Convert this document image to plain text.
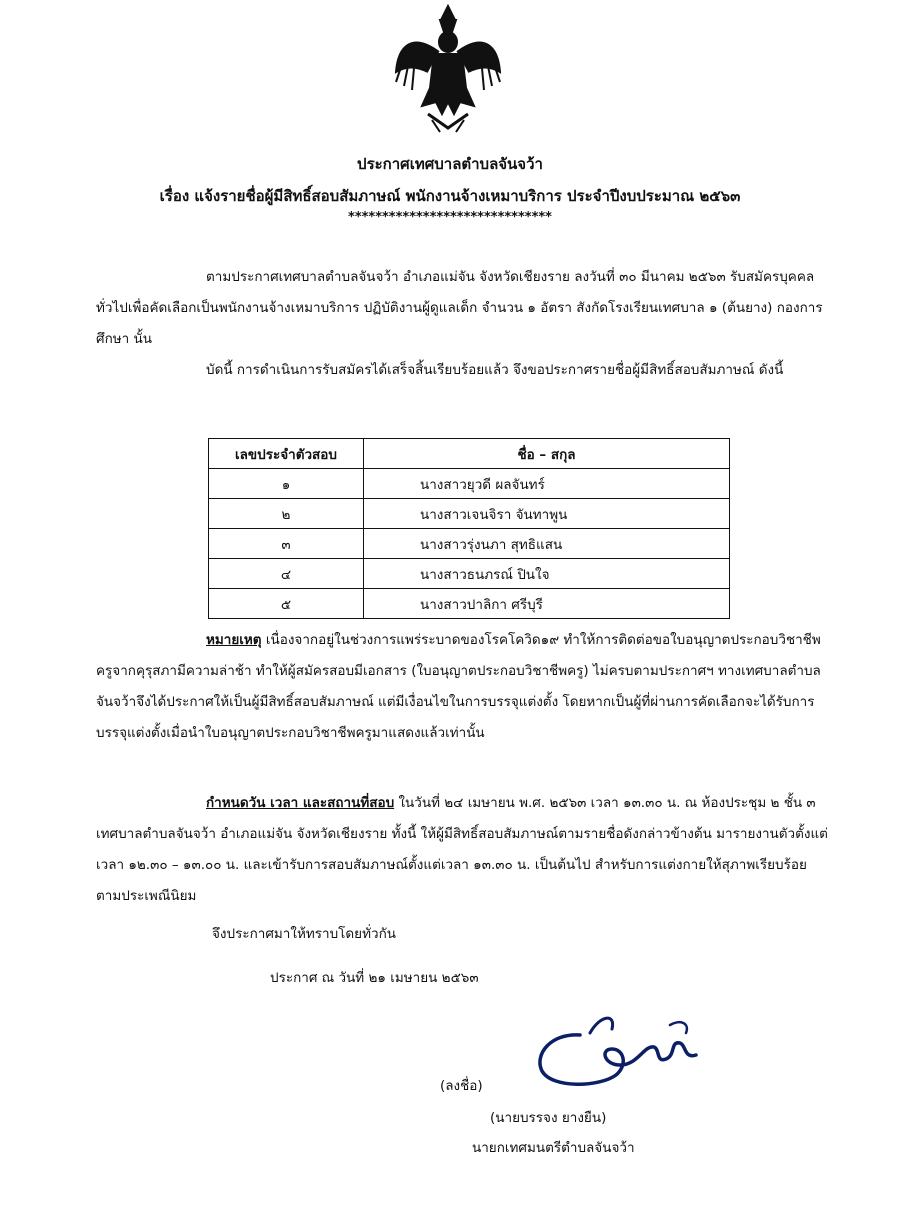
ประกาศเทศบาลตำบลจันจว้า
เรื่อง แจ้งรายชื่อผู้มีสิทธิ์สอบสัมภาษณ์ พนักงานจ้างเหมาบริการ ประจำปีงบประมาณ ๒๕๖๓
******************************

ตามประกาศเทศบาลตำบลจันจว้า อำเภอแม่จัน จังหวัดเชียงราย ลงวันที่ ๓๐ มีนาคม ๒๕๖๓ รับสมัครบุคคลทั่วไปเพื่อคัดเลือกเป็นพนักงานจ้างเหมาบริการ ปฏิบัติงานผู้ดูแลเด็ก จำนวน ๑ อัตรา สังกัดโรงเรียนเทศบาล ๑ (ต้นยาง) กองการศึกษา นั้น

บัดนี้ การดำเนินการรับสมัครได้เสร็จสิ้นเรียบร้อยแล้ว จึงขอประกาศรายชื่อผู้มีสิทธิ์สอบสัมภาษณ์ ดังนี้

เลขประจำตัวสอบ	ชื่อ – สกุล
๑	นางสาวยุวดี ผลจันทร์
๒	นางสาวเจนจิรา จันทาพูน
๓	นางสาวรุ่งนภา สุทธิแสน
๔	นางสาวธนภรณ์ ปินใจ
๕	นางสาวปาลิกา ศรีบุรี

หมายเหตุ เนื่องจากอยู่ในช่วงการแพร่ระบาดของโรคโควิด๑๙ ทำให้การติดต่อขอใบอนุญาตประกอบวิชาชีพครูจากคุรุสภามีความล่าช้า ทำให้ผู้สมัครสอบมีเอกสาร (ใบอนุญาตประกอบวิชาชีพครู) ไม่ครบตามประกาศฯ ทางเทศบาลตำบลจันจว้าจึงได้ประกาศให้เป็นผู้มีสิทธิ์สอบสัมภาษณ์ แต่มีเงื่อนไขในการบรรจุแต่งตั้ง โดยหากเป็นผู้ที่ผ่านการคัดเลือกจะได้รับการบรรจุแต่งตั้งเมื่อนำใบอนุญาตประกอบวิชาชีพครูมาแสดงแล้วเท่านั้น

กำหนดวัน เวลา และสถานที่สอบ ในวันที่ ๒๔ เมษายน พ.ศ. ๒๕๖๓ เวลา ๑๓.๓๐ น. ณ ห้องประชุม ๒ ชั้น ๓ เทศบาลตำบลจันจว้า อำเภอแม่จัน จังหวัดเชียงราย ทั้งนี้ ให้ผู้มีสิทธิ์สอบสัมภาษณ์ตามรายชื่อดังกล่าวข้างต้น มารายงานตัวตั้งแต่เวลา ๑๒.๓๐ – ๑๓.๐๐ น. และเข้ารับการสอบสัมภาษณ์ตั้งแต่เวลา ๑๓.๓๐ น. เป็นต้นไป สำหรับการแต่งกายให้สุภาพเรียบร้อยตามประเพณีนิยม

จึงประกาศมาให้ทราบโดยทั่วกัน
ประกาศ ณ วันที่ ๒๑ เมษายน ๒๕๖๓
(ลงชื่อ)
(นายบรรจง ยางยืน)
นายกเทศมนตรีตำบลจันจว้า
